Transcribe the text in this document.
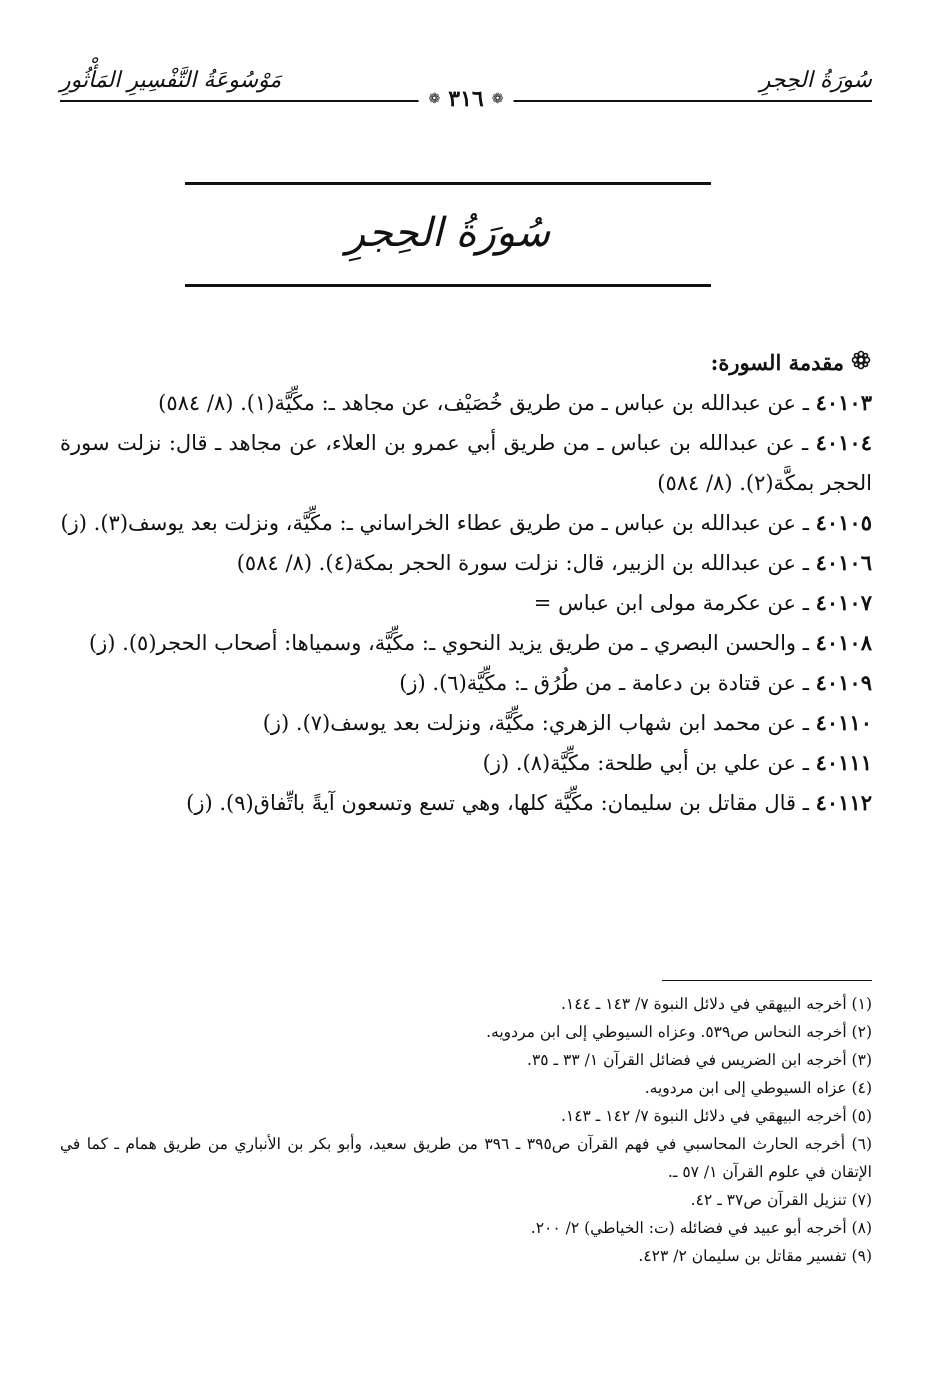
سُورَةُ الحِجرِ
مَوْسُوعَةُ التَّفْسِيرِ المَأْثُورِ
❁ ٣١٦ ❁
سُورَةُ الحِجرِ

مقدمة السورة:

٤٠١٠٣ ـ عن عبدالله بن عباس ـ من طريق خُصَيْف، عن مجاهد ـ: مكِّيَّة(١). (٨/ ٥٨٤)

٤٠١٠٤ ـ عن عبدالله بن عباس ـ من طريق أبي عمرو بن العلاء، عن مجاهد ـ قال: نزلت سورة الحجر بمكَّة(٢). (٨/ ٥٨٤)

٤٠١٠٥ ـ عن عبدالله بن عباس ـ من طريق عطاء الخراساني ـ: مكِّيَّة، ونزلت بعد يوسف(٣). (ز)

٤٠١٠٦ ـ عن عبدالله بن الزبير، قال: نزلت سورة الحجر بمكة(٤). (٨/ ٥٨٤)

٤٠١٠٧ ـ عن عكرمة مولى ابن عباس =

٤٠١٠٨ ـ والحسن البصري ـ من طريق يزيد النحوي ـ: مكِّيَّة، وسمياها: أصحاب الحجر(٥). (ز)

٤٠١٠٩ ـ عن قتادة بن دعامة ـ من طُرُق ـ: مكِّيَّة(٦). (ز)

٤٠١١٠ ـ عن محمد ابن شهاب الزهري: مكِّيَّة، ونزلت بعد يوسف(٧). (ز)

٤٠١١١ ـ عن علي بن أبي طلحة: مكِّيَّة(٨). (ز)

٤٠١١٢ ـ قال مقاتل بن سليمان: مكِّيَّة كلها، وهي تسع وتسعون آيةً باتِّفاق(٩). (ز)

(١) أخرجه البيهقي في دلائل النبوة ٧/ ١٤٣ ـ ١٤٤.

(٢) أخرجه النحاس ص٥٣٩. وعزاه السيوطي إلى ابن مردويه.

(٣) أخرجه ابن الضريس في فضائل القرآن ١/ ٣٣ ـ ٣٥.

(٤) عزاه السيوطي إلى ابن مردويه.

(٥) أخرجه البيهقي في دلائل النبوة ٧/ ١٤٢ ـ ١٤٣.

(٦) أخرجه الحارث المحاسبي في فهم القرآن ص٣٩٥ ـ ٣٩٦ من طريق سعيد، وأبو بكر بن الأنباري من طريق همام ـ كما في الإتقان في علوم القرآن ١/ ٥٧ ـ.

(٧) تنزيل القرآن ص٣٧ ـ ٤٢.

(٨) أخرجه أبو عبيد في فضائله (ت: الخياطي) ٢/ ٢٠٠.

(٩) تفسير مقاتل بن سليمان ٢/ ٤٢٣.
